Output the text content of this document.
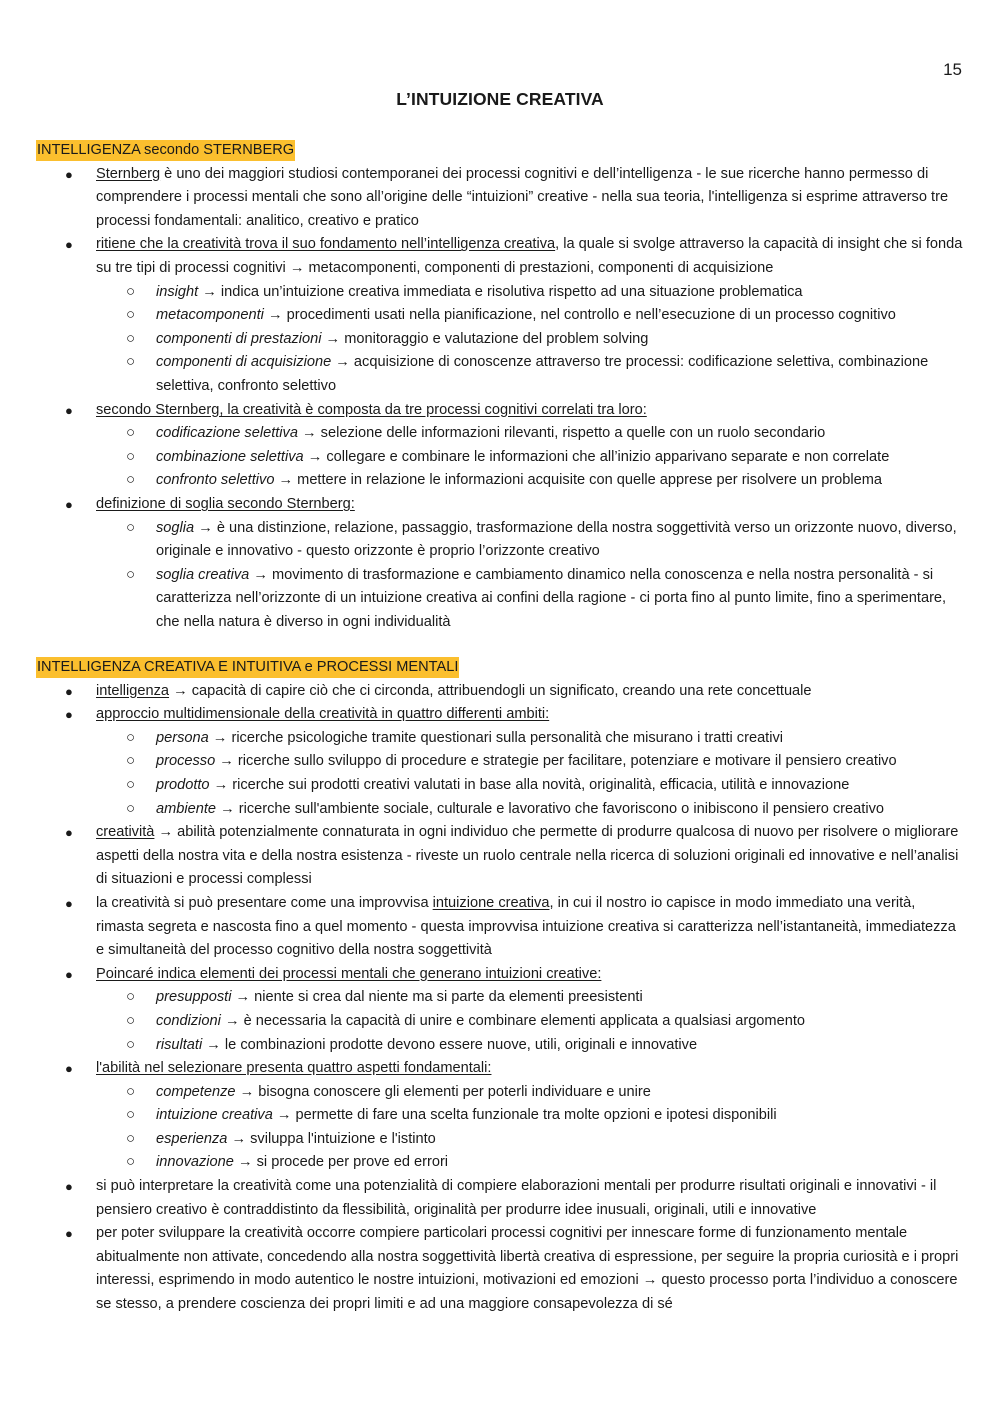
15
L’INTUIZIONE CREATIVA
INTELLIGENZA secondo STERNBERG
● Sternberg è uno dei maggiori studiosi contemporanei dei processi cognitivi e dell’intelligenza - le sue ricerche hanno permesso di comprendere i processi mentali che sono all’origine delle “intuizioni” creative - nella sua teoria, l'intelligenza si esprime attraverso tre processi fondamentali: analitico, creativo e pratico
● ritiene che la creatività trova il suo fondamento nell’intelligenza creativa, la quale si svolge attraverso la capacità di insight che si fonda su tre tipi di processi cognitivi → metacomponenti, componenti di prestazioni, componenti di acquisizione
○ insight → indica un’intuizione creativa immediata e risolutiva rispetto ad una situazione problematica
○ metacomponenti → procedimenti usati nella pianificazione, nel controllo e nell’esecuzione di un processo cognitivo
○ componenti di prestazioni → monitoraggio e valutazione del problem solving
○ componenti di acquisizione → acquisizione di conoscenze attraverso tre processi: codificazione selettiva, combinazione selettiva, confronto selettivo
● secondo Sternberg, la creatività è composta da tre processi cognitivi correlati tra loro:
○ codificazione selettiva → selezione delle informazioni rilevanti, rispetto a quelle con un ruolo secondario
○ combinazione selettiva → collegare e combinare le informazioni che all’inizio apparivano separate e non correlate
○ confronto selettivo → mettere in relazione le informazioni acquisite con quelle apprese per risolvere un problema
● definizione di soglia secondo Sternberg:
○ soglia → è una distinzione, relazione, passaggio, trasformazione della nostra soggettività verso un orizzonte nuovo, diverso, originale e innovativo - questo orizzonte è proprio l’orizzonte creativo
○ soglia creativa → movimento di trasformazione e cambiamento dinamico nella conoscenza e nella nostra personalità - si caratterizza nell’orizzonte di un intuizione creativa ai confini della ragione - ci porta fino al punto limite, fino a sperimentare, che nella natura è diverso in ogni individualità
INTELLIGENZA CREATIVA E INTUITIVA e PROCESSI MENTALI
● intelligenza → capacità di capire ciò che ci circonda, attribuendogli un significato, creando una rete concettuale
● approccio multidimensionale della creatività in quattro differenti ambiti:
○ persona → ricerche psicologiche tramite questionari sulla personalità che misurano i tratti creativi
○ processo → ricerche sullo sviluppo di procedure e strategie per facilitare, potenziare e motivare il pensiero creativo
○ prodotto → ricerche sui prodotti creativi valutati in base alla novità, originalità, efficacia, utilità e innovazione
○ ambiente → ricerche sull'ambiente sociale, culturale e lavorativo che favoriscono o inibiscono il pensiero creativo
● creatività → abilità potenzialmente connaturata in ogni individuo che permette di produrre qualcosa di nuovo per risolvere o migliorare aspetti della nostra vita e della nostra esistenza - riveste un ruolo centrale nella ricerca di soluzioni originali ed innovative e nell’analisi di situazioni e processi complessi
● la creatività si può presentare come una improvvisa intuizione creativa, in cui il nostro io capisce in modo immediato una verità, rimasta segreta e nascosta fino a quel momento - questa improvvisa intuizione creativa si caratterizza nell’istantaneità, immediatezza e simultaneità del processo cognitivo della nostra soggettività
● Poincaré indica elementi dei processi mentali che generano intuizioni creative:
○ presupposti → niente si crea dal niente ma si parte da elementi preesistenti
○ condizioni → è necessaria la capacità di unire e combinare elementi applicata a qualsiasi argomento
○ risultati → le combinazioni prodotte devono essere nuove, utili, originali e innovative
● l'abilità nel selezionare presenta quattro aspetti fondamentali:
○ competenze → bisogna conoscere gli elementi per poterli individuare e unire
○ intuizione creativa → permette di fare una scelta funzionale tra molte opzioni e ipotesi disponibili
○ esperienza → sviluppa l'intuizione e l'istinto
○ innovazione → si procede per prove ed errori
● si può interpretare la creatività come una potenzialità di compiere elaborazioni mentali per produrre risultati originali e innovativi - il pensiero creativo è contraddistinto da flessibilità, originalità per produrre idee inusuali, originali, utili e innovative
● per poter sviluppare la creatività occorre compiere particolari processi cognitivi per innescare forme di funzionamento mentale abitualmente non attivate, concedendo alla nostra soggettività libertà creativa di espressione, per seguire la propria curiosità e i propri interessi, esprimendo in modo autentico le nostre intuizioni, motivazioni ed emozioni → questo processo porta l’individuo a conoscere se stesso, a prendere coscienza dei propri limiti e ad una maggiore consapevolezza di sé
